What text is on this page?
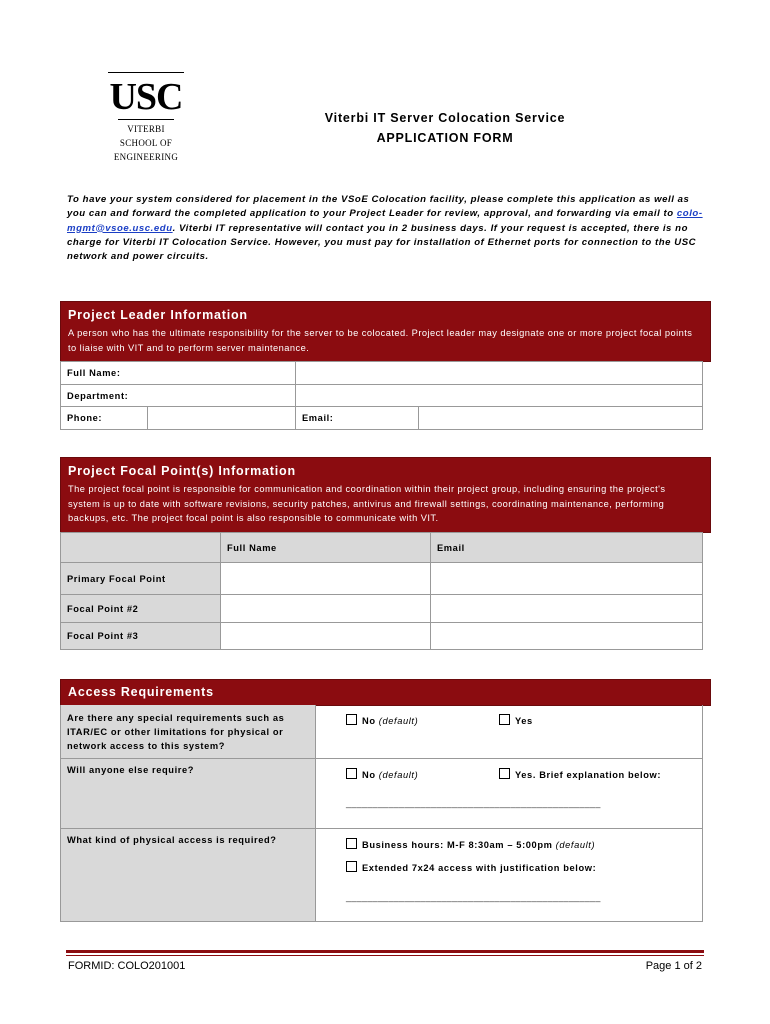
USC
VITERBI
SCHOOL OF
ENGINEERING
Viterbi IT Server Colocation Service
APPLICATION FORM
To have your system considered for placement in the VSoE Colocation facility, please complete this application as well as you can and forward the completed application to your Project Leader for review, approval, and forwarding via email to colo-mgmt@vsoe.usc.edu. Viterbi IT representative will contact you in 2 business days. If your request is accepted, there is no charge for Viterbi IT Colocation Service. However, you must pay for installation of Ethernet ports for connection to the USC network and power circuits.
Project Leader Information
A person who has the ultimate responsibility for the server to be colocated. Project leader may designate one or more project focal points to liaise with VIT and to perform server maintenance.
Full Name:			
Department:			
Phone:		Email:	
Project Focal Point(s) Information
The project focal point is responsible for communication and coordination within their project group, including ensuring the project's system is up to date with software revisions, security patches, antivirus and firewall settings, coordinating maintenance, performing backups, etc. The project focal point is also responsible to communicate with VIT.
	Full Name	Email
Primary Focal Point		
Focal Point #2		
Focal Point #3		
Access Requirements
Are there any special requirements such as ITAR/EC or other limitations for physical or network access to this system?
No (default)	Yes
Will anyone else require?	No (default)	Yes. Brief explanation below:
________________________________________________
What kind of physical access is required?	Business hours: M-F 8:30am – 5:00pm (default)
Extended 7x24 access with justification below:
________________________________________________
FORMID: COLO201001	Page 1 of 2
